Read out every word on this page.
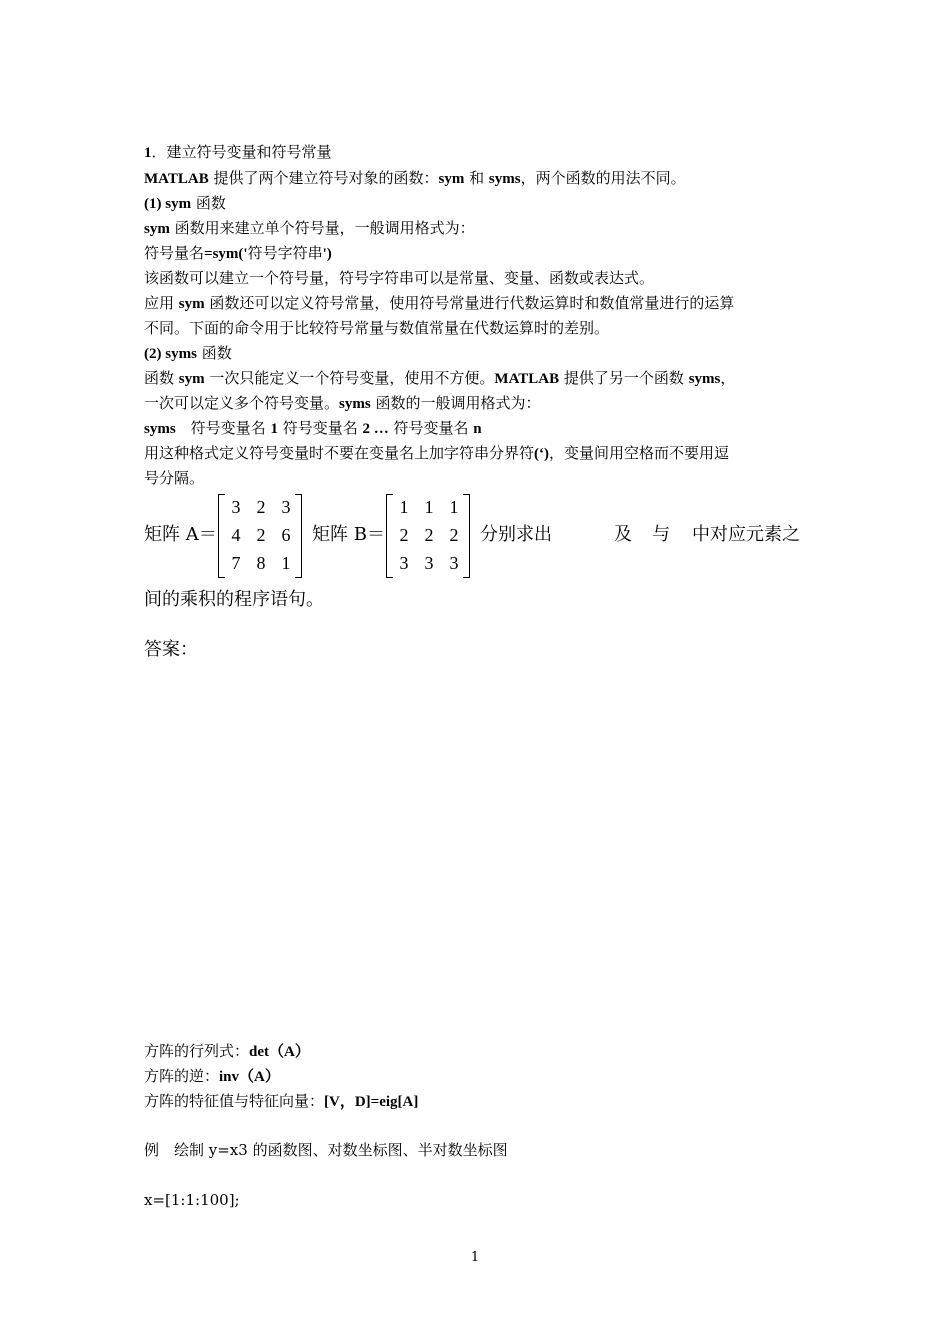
1．建立符号变量和符号常量
MATLAB 提供了两个建立符号对象的函数：sym 和 syms，两个函数的用法不同。
(1) sym 函数
sym 函数用来建立单个符号量，一般调用格式为：
符号量名=sym('符号字符串')
该函数可以建立一个符号量，符号字符串可以是常量、变量、函数或表达式。
应用 sym 函数还可以定义符号常量，使用符号常量进行代数运算时和数值常量进行的运算
不同。下面的命令用于比较符号常量与数值常量在代数运算时的差别。
(2) syms 函数
函数 sym 一次只能定义一个符号变量，使用不方便。MATLAB 提供了另一个函数 syms，
一次可以定义多个符号变量。syms 函数的一般调用格式为：
syms　符号变量名 1 符号变量名 2 … 符号变量名 n
用这种格式定义符号变量时不要在变量名上加字符串分界符(‘)，变量间用空格而不要用逗
号分隔。
矩阵 A＝
3 2 3
4 2 6
7 8 1
矩阵 B＝
1 1 1
2 2 2
3 3 3
分别求出	及 与 中对应元素之
间的乘积的程序语句。
答案：
方阵的行列式：det（A）
方阵的逆：inv（A）
方阵的特征值与特征向量：[V，D]=eig[A]
例　绘制 y=x3 的函数图、对数坐标图、半对数坐标图
x=[1:1:100];
1
